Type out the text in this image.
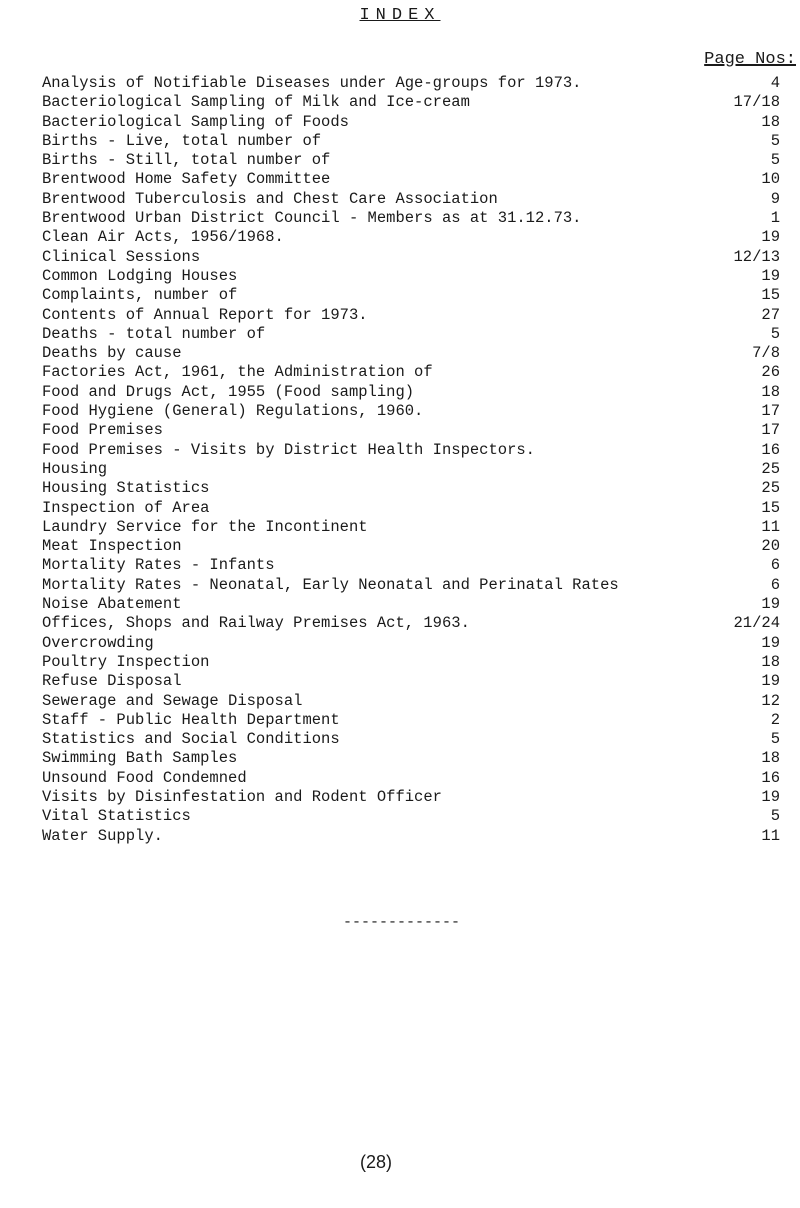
INDEX
Page Nos:
Analysis of Notifiable Diseases under Age-groups for 1973.	4
Bacteriological Sampling of Milk and Ice-cream	17/18
Bacteriological Sampling of Foods	18
Births - Live, total number of	5
Births - Still, total number of	5
Brentwood Home Safety Committee	10
Brentwood Tuberculosis and Chest Care Association	9
Brentwood Urban District Council - Members as at 31.12.73.	1
Clean Air Acts, 1956/1968.	19
Clinical Sessions	12/13
Common Lodging Houses	19
Complaints, number of	15
Contents of Annual Report for 1973.	27
Deaths - total number of	5
Deaths by cause	7/8
Factories Act, 1961, the Administration of	26
Food and Drugs Act, 1955 (Food sampling)	18
Food Hygiene (General) Regulations, 1960.	17
Food Premises	17
Food Premises - Visits by District Health Inspectors.	16
Housing	25
Housing Statistics	25
Inspection of Area	15
Laundry Service for the Incontinent	11
Meat Inspection	20
Mortality Rates - Infants	6
Mortality Rates - Neonatal, Early Neonatal and Perinatal Rates	6
Noise Abatement	19
Offices, Shops and Railway Premises Act, 1963.	21/24
Overcrowding	19
Poultry Inspection	18
Refuse Disposal	19
Sewerage and Sewage Disposal	12
Staff - Public Health Department	2
Statistics and Social Conditions	5
Swimming Bath Samples	18
Unsound Food Condemned	16
Visits by Disinfestation and Rodent Officer	19
Vital Statistics	5
Water Supply.	11
-------------
(28)
